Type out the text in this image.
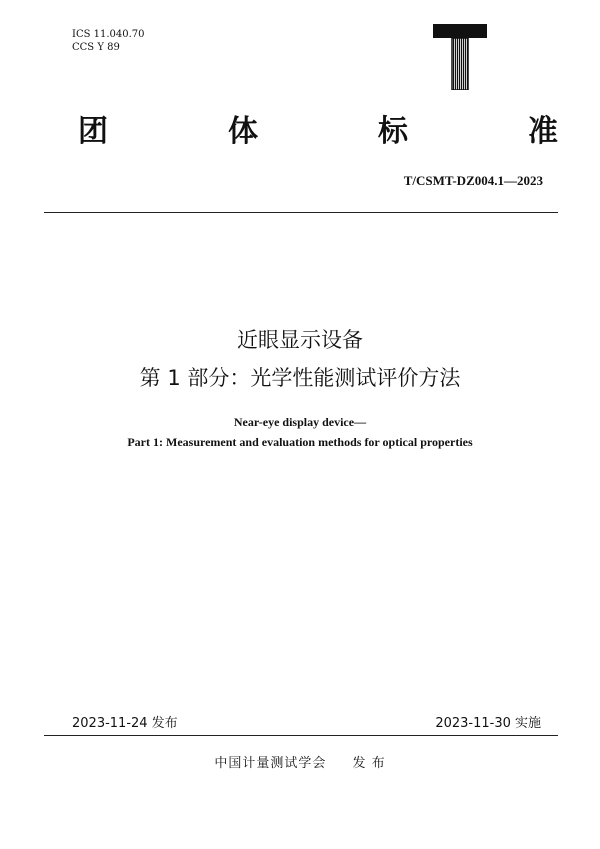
ICS 11.040.70
CCS Y 89
团	体	标	准
T/CSMT-DZ004.1—2023
近眼显示设备
第 1 部分：光学性能测试评价方法
Near-eye display device—
Part 1: Measurement and evaluation methods for optical properties
2023-11-24 发布	2023-11-30 实施
中国计量测试学会 发 布
